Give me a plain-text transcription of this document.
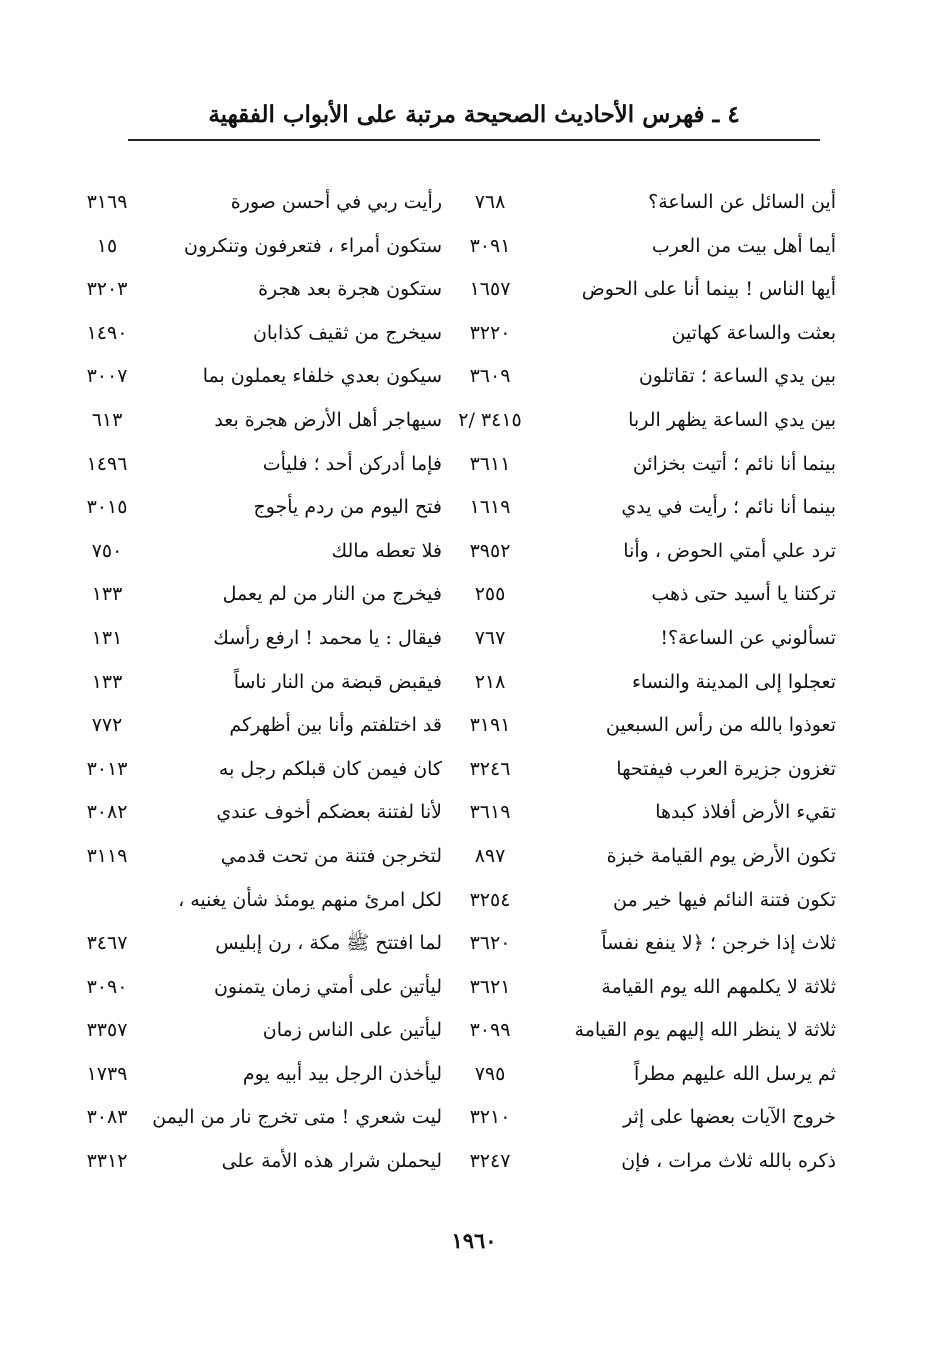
٤ ـ فهرس الأحاديث الصحيحة مرتبة على الأبواب الفقهية
أين السائل عن الساعة؟
٧٦٨
رأيت ربي في أحسن صورة
٣١٦٩
أيما أهل بيت من العرب
٣٠٩١
ستكون أمراء ، فتعرفون وتنكرون
١٥
أيها الناس ! بينما أنا على الحوض
١٦٥٧
ستكون هجرة بعد هجرة
٣٢٠٣
بعثت والساعة كهاتين
٣٢٢٠
سيخرج من ثقيف كذابان
١٤٩٠
بين يدي الساعة ؛ تقاتلون
٣٦٠٩
سيكون بعدي خلفاء يعملون بما
٣٠٠٧
بين يدي الساعة يظهر الربا
٣٤١٥ /٢
سيهاجر أهل الأرض هجرة بعد
٦١٣
بينما أنا نائم ؛ أتيت بخزائن
٣٦١١
فإما أدركن أحد ؛ فليأت
١٤٩٦
بينما أنا نائم ؛ رأيت في يدي
١٦١٩
فتح اليوم من ردم يأجوج
٣٠١٥
ترد علي أمتي الحوض ، وأنا
٣٩٥٢
فلا تعطه مالك
٧٥٠
تركتنا يا أسيد حتى ذهب
٢٥٥
فيخرج من النار من لم يعمل
١٣٣
تسألوني عن الساعة؟!
٧٦٧
فيقال : يا محمد ! ارفع رأسك
١٣١
تعجلوا إلى المدينة والنساء
٢١٨
فيقبض قبضة من النار ناساً
١٣٣
تعوذوا بالله من رأس السبعين
٣١٩١
قد اختلفتم وأنا بين أظهركم
٧٧٢
تغزون جزيرة العرب فيفتحها
٣٢٤٦
كان فيمن كان قبلكم رجل به
٣٠١٣
تقيء الأرض أفلاذ كبدها
٣٦١٩
لأنا لفتنة بعضكم أخوف عندي
٣٠٨٢
تكون الأرض يوم القيامة خبزة
٨٩٧
لتخرجن فتنة من تحت قدمي
٣١١٩
تكون فتنة النائم فيها خير من
٣٢٥٤
لكل امرئ منهم يومئذ شأن يغنيه ،
ثلاث إذا خرجن ؛ ﴿لا ينفع نفساً
٣٦٢٠
لما افتتح ﷺ مكة ، رن إبليس
٣٤٦٧
ثلاثة لا يكلمهم الله يوم القيامة
٣٦٢١
ليأتين على أمتي زمان يتمنون
٣٠٩٠
ثلاثة لا ينظر الله إليهم يوم القيامة
٣٠٩٩
ليأتين على الناس زمان
٣٣٥٧
ثم يرسل الله عليهم مطراً
٧٩٥
ليأخذن الرجل بيد أبيه يوم
١٧٣٩
خروج الآيات بعضها على إثر
٣٢١٠
ليت شعري ! متى تخرج نار من اليمن
٣٠٨٣
ذكره بالله ثلاث مرات ، فإن
٣٢٤٧
ليحملن شرار هذه الأمة على
٣٣١٢
١٩٦٠
